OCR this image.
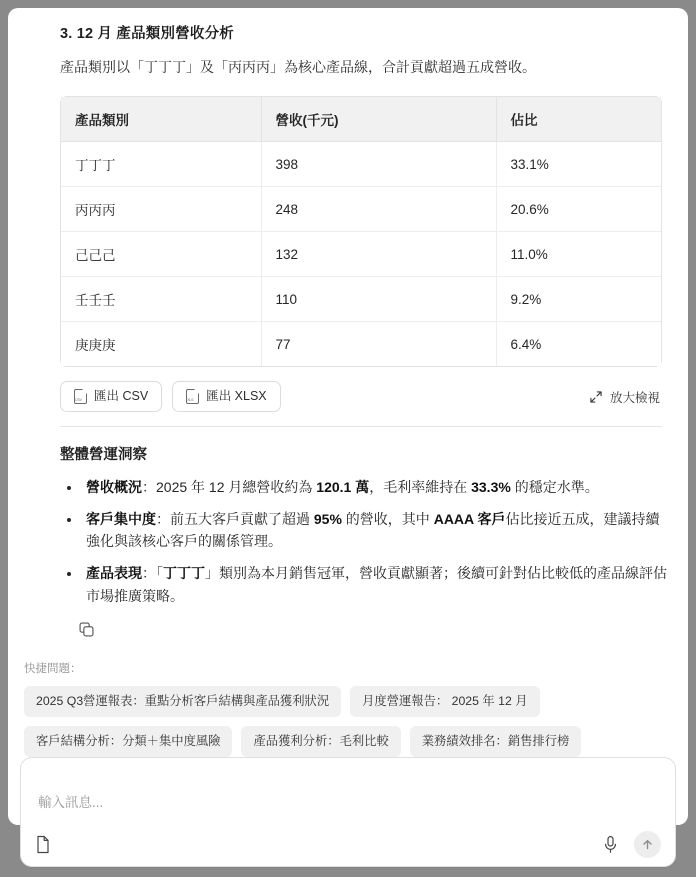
3. 12 月 產品類別營收分析
產品類別以「丁丁丁」及「丙丙丙」為核心產品線，合計貢獻超過五成營收。
產品類別	營收(千元)	佔比
丁丁丁	398	33.1%
丙丙丙	248	20.6%
己己己	132	11.0%
壬壬壬	110	9.2%
庚庚庚	77	6.4%
CSV 匯出 CSV	XLS 匯出 XLSX	放大檢視
整體營運洞察
• 營收概況：2025 年 12 月總營收約為 120.1 萬，毛利率維持在 33.3% 的穩定水準。
• 客戶集中度：前五大客戶貢獻了超過 95% 的營收，其中 AAAA 客戶佔比接近五成，建議持續強化與該核心客戶的關係管理。
• 產品表現：「丁丁丁」類別為本月銷售冠軍，營收貢獻顯著；後續可針對佔比較低的產品線評估市場推廣策略。
快捷問題：
2025 Q3營運報表：重點分析客戶結構與產品獲利狀況	月度營運報告： 2025 年 12 月
客戶結構分析：分類＋集中度風險	產品獲利分析：毛利比較	業務績效排名：銷售排行榜
輸入訊息...
